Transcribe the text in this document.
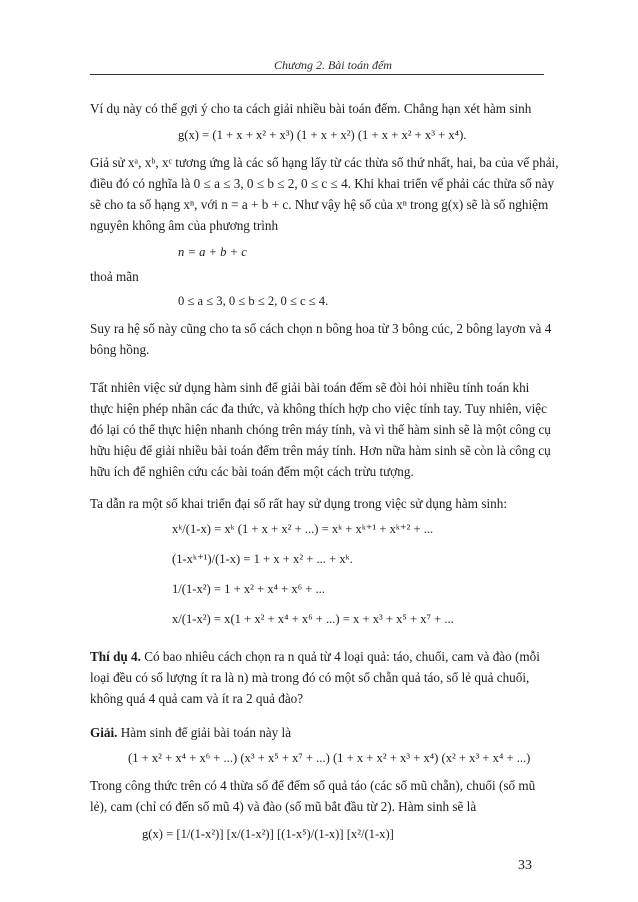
Chương 2. Bài toán đếm
Ví dụ này có thể gợi ý cho ta cách giải nhiều bài toán đếm. Chẳng hạn xét hàm sinh
g(x) = (1 + x + x² + x³) (1 + x + x²) (1 + x + x² + x³ + x⁴).
Giả sử xᵃ, xᵇ, xᶜ tương ứng là các số hạng lấy từ các thừa số thứ nhất, hai, ba của vế phải,
điều đó có nghĩa là 0 ≤ a ≤ 3, 0 ≤ b ≤ 2, 0 ≤ c ≤ 4. Khi khai triển vế phải các thừa số này
sẽ cho ta số hạng xⁿ, với n = a + b + c. Như vậy hệ số của xⁿ trong g(x) sẽ là số nghiệm
nguyên không âm của phương trình
n = a + b + c
thoả mãn
0 ≤ a ≤ 3, 0 ≤ b ≤ 2, 0 ≤ c ≤ 4.
Suy ra hệ số này cũng cho ta số cách chọn n bông hoa từ 3 bông cúc, 2 bông layơn và 4
bông hồng.
Tất nhiên việc sử dụng hàm sinh để giải bài toán đếm sẽ đòi hỏi nhiều tính toán khi
thực hiện phép nhân các đa thức, và không thích hợp cho việc tính tay. Tuy nhiên, việc
đó lại có thể thực hiện nhanh chóng trên máy tính, và vì thế hàm sinh sẽ là một công cụ
hữu hiệu để giải nhiều bài toán đếm trên máy tính. Hơn nữa hàm sinh sẽ còn là công cụ
hữu ích để nghiên cứu các bài toán đếm một cách trừu tượng.
Ta dẫn ra một số khai triển đại số rất hay sử dụng trong việc sử dụng hàm sinh:
xᵏ/(1-x) = xᵏ (1 + x + x² + ...) = xᵏ + xᵏ⁺¹ + xᵏ⁺² + ...
(1-xᵏ⁺¹)/(1-x) = 1 + x + x² + ... + xᵏ.
1/(1-x²) = 1 + x² + x⁴ + x⁶ + ...
x/(1-x²) = x(1 + x² + x⁴ + x⁶ + ...) = x + x³ + x⁵ + x⁷ + ...
Thí dụ 4. Có bao nhiêu cách chọn ra n quả từ 4 loại quả: táo, chuối, cam và đào (mỗi
loại đều có số lượng ít ra là n) mà trong đó có một số chẵn quả táo, số lẻ quả chuối,
không quá 4 quả cam và ít ra 2 quả đào?
Giải. Hàm sinh để giải bài toán này là
(1 + x² + x⁴ + x⁶ + ...) (x³ + x⁵ + x⁷ + ...) (1 + x + x² + x³ + x⁴) (x² + x³ + x⁴ + ...)
Trong công thức trên có 4 thừa số để đếm số quả táo (các số mũ chẵn), chuối (số mũ
lẻ), cam (chỉ có đến số mũ 4) và đào (số mũ bắt đầu từ 2). Hàm sinh sẽ là
g(x) = [1/(1-x²)] [x/(1-x²)] [(1-x⁵)/(1-x)] [x²/(1-x)]
33
